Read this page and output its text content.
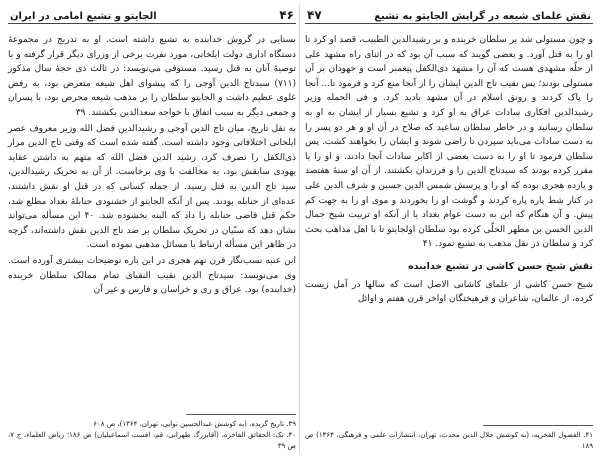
۴۶
الجایتو و تشیع امامی در ایران

بستایی در گروش خدابنده به تشیع داشته است. او به تدریج در مجموعهٔ دستگاه اداری دولت ایلخانی، مورد نفرت برخی از وزرای دیگر قرار گرفته و با توصیهٔ آنان به قتل رسید. مستوفی می‌نویسد: در ثالث ذی حجهٔ سال مذکور (۷۱۱) سیدتاج الدین آوجی را که پیشوای اهل شیعه متعرض بود، به رفض غلوی عظیم داشت و الجایتو سلطان را بر مذهب شیعه محرض بود، با پسران و جمعی دیگر به سبب اتفاق با خواجه سعدالدین بکشتند. ۳۹

به نقل تاریخ، میان تاج الدین آوجی و رشیدالدین فضل الله وزیر معروف عصر ایلخانی اختلافاتی وجود داشته است. گفته شده است که وقتی تاج الدین مزار ذی‌الکفل را تصرف کرد، رشید الدین فضل الله که متهم به داشتن عقاید یهودی سابقش بود، به مخالفت با وی برخاست. از آن به تحریک رشیدالدین، سید تاج الدین به قتل رسید. از جمله کسانی که در قتل او نقش داشتند، عده‌ای از حنابله بودند. پس از آنکه الجایتو از خشنودی حنابلهٔ بغداد مطلع شد، حکم قتل قاضی حنابله را داد که البته بخشوده شد. ۴۰ این مسأله می‌تواند نشان دهد که سنّیان در تحریک سلطان بر ضد تاج الدین نقش داشته‌اند، گرچه در ظاهر این مسأله ارتباط با مسائل مذهبی نموده است.

ابن عنبه نسب‌نگار قرن نهم هجری در این باره توضیحات بیشتری آورده است. وی می‌نویسد: سیدتاج الدین نقیب النقبای تمام ممالک سلطان خربنده (خدابنده) بود. عراق و ری و خراسان و فارس و غیر آن

۳۹. تاریخ گزیده، (به کوشش عبدالحسین نوایی، تهران، ۱۳۶۴)، ص ۶۰۸

۴۰. نک: الحقائق الفاخره، (آقابزرگ طهرانی، قم، افست اسماعیلیان) ص ۱۸۶؛ ریاض العلماء، ج ۷، ص ۳۹

نقش علمای شیعه در گرایش الجایتو به تشیع
۴۷

و چون مستولی شد بر سلطان خربنده و بر رشیدالدین الطبیب، قصد او کرد تا او را به قتل آورد. و بعضی گویند که سبب آن بود که در اثنای راه مشهد علی از حلّه مشهدی هست که آن را مشهد ذی‌الکفل پیغمبر است و جهودان بر آن مستولی بودند؛ پس نقیب تاج الدین ایشان را از آنجا منع کرد و فرمود تا... آنجا را پاک کردند و رونق اسلام در آن مشهد بادید کرد. و فی الجمله وزیر رشیدالدین افکاری سادات عراق به او کرد و تشیع بسیار از ایشان به او به سلطان رسانید و در خاطر سلطان ساعید که صلاح در آن او و هر دو پسر را به دست سادات می‌باید سپردن تا راضی شوند و ایشان را بخواهند کشت. پس سلطان فرمود تا او را به دست بعضی از اکابر سادات آنجا دادند. و او را با مقرر کرده بودند که سیدتاج الدین را و فرزندان بکشتند. از آن او سنهٔ هفتصد و یازده هجری بوده که او را و پرسش شمس الدین حسین و شرف الدین علی در کنار شط پاره پاره کردند و گوشت او را بخوردند و موی او را به جهت کم پیش. و آن هنگام که ابن به دست عوام بغداد یا از آنکه او تربیت شیخ جمال الدین الحسن بن مطهر الحلّی کرده بود سلطان اولجایتو تا با اهل مذاهب بحث کرد و سلطان در نقل مذهب به تشیع نمود. ۴۱

نقش شیخ حسن کاشی در تشیع خدابنده

شیخ حسن کاشی از علمای کاشانی الاصل است که سالها در آمل زیست کرده، از عالمان، شاعران و فرهیختگان اواخر قرن هفتم و اوائل

۴۱. الفصول الفخریه، (به کوشش جلال الدین محدث، تهران، انتشارات علمی و فرهنگی، ۱۳۶۴) ص ۱۸۹
